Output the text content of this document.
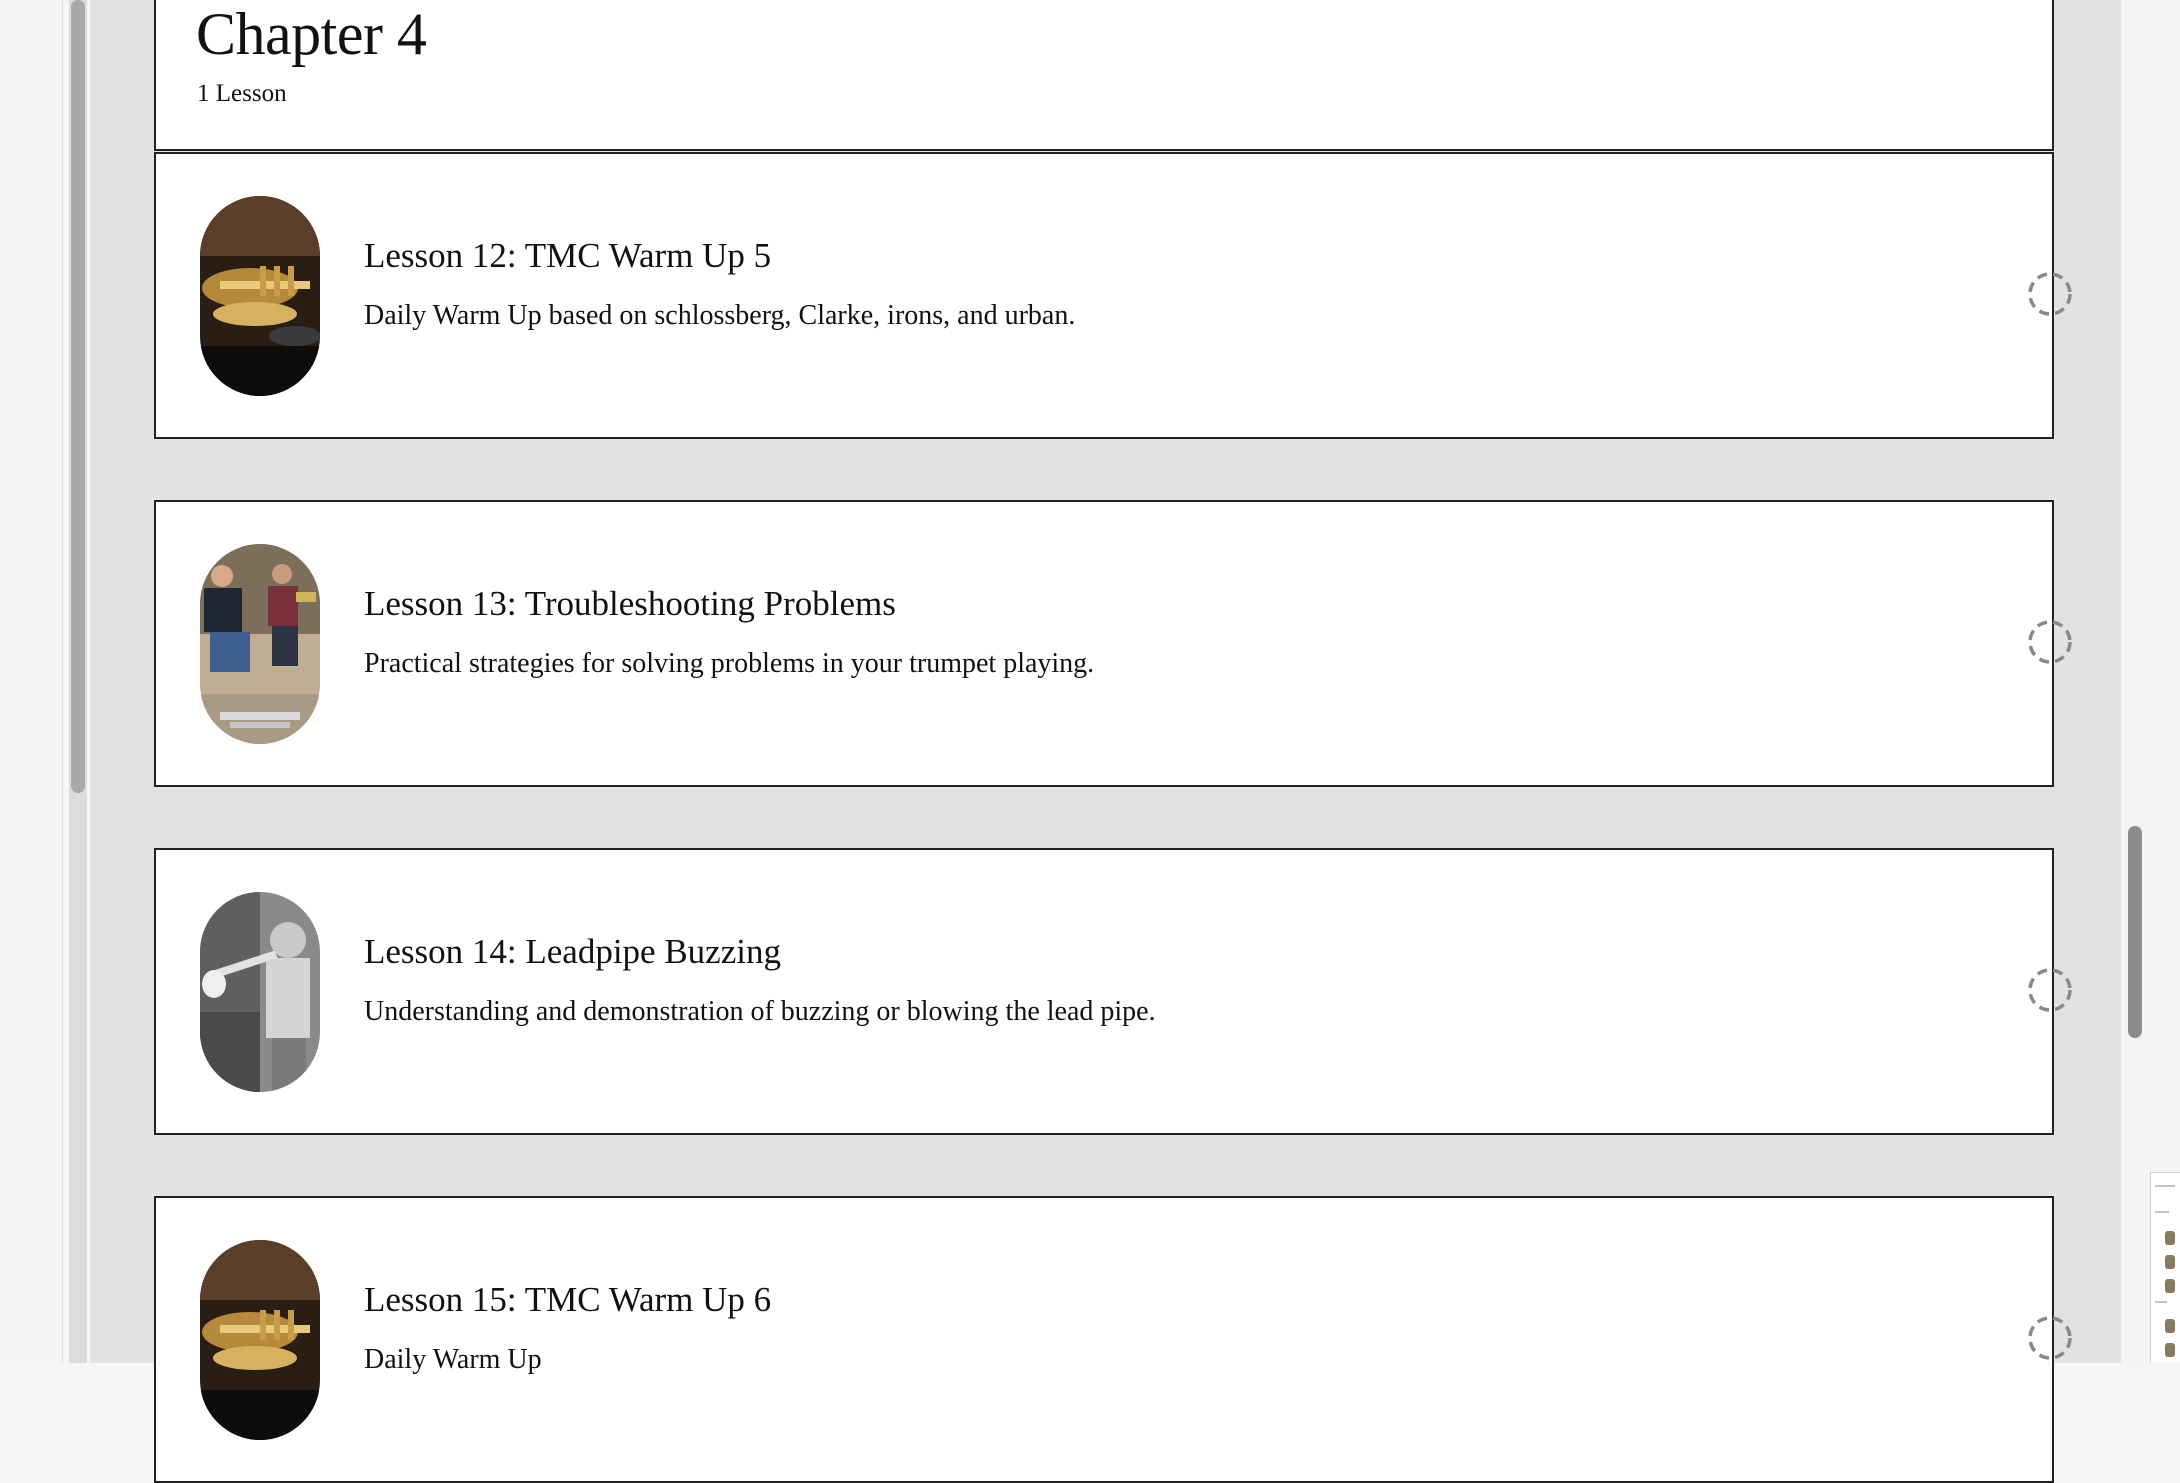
Chapter 4
1 Lesson
Lesson 12: TMC Warm Up 5

Daily Warm Up based on schlossberg, Clarke, irons, and urban.

Lesson 13: Troubleshooting Problems

Practical strategies for solving problems in your trumpet playing.

Lesson 14: Leadpipe Buzzing

Understanding and demonstration of buzzing or blowing the lead pipe.

Lesson 15: TMC Warm Up 6

Daily Warm Up
